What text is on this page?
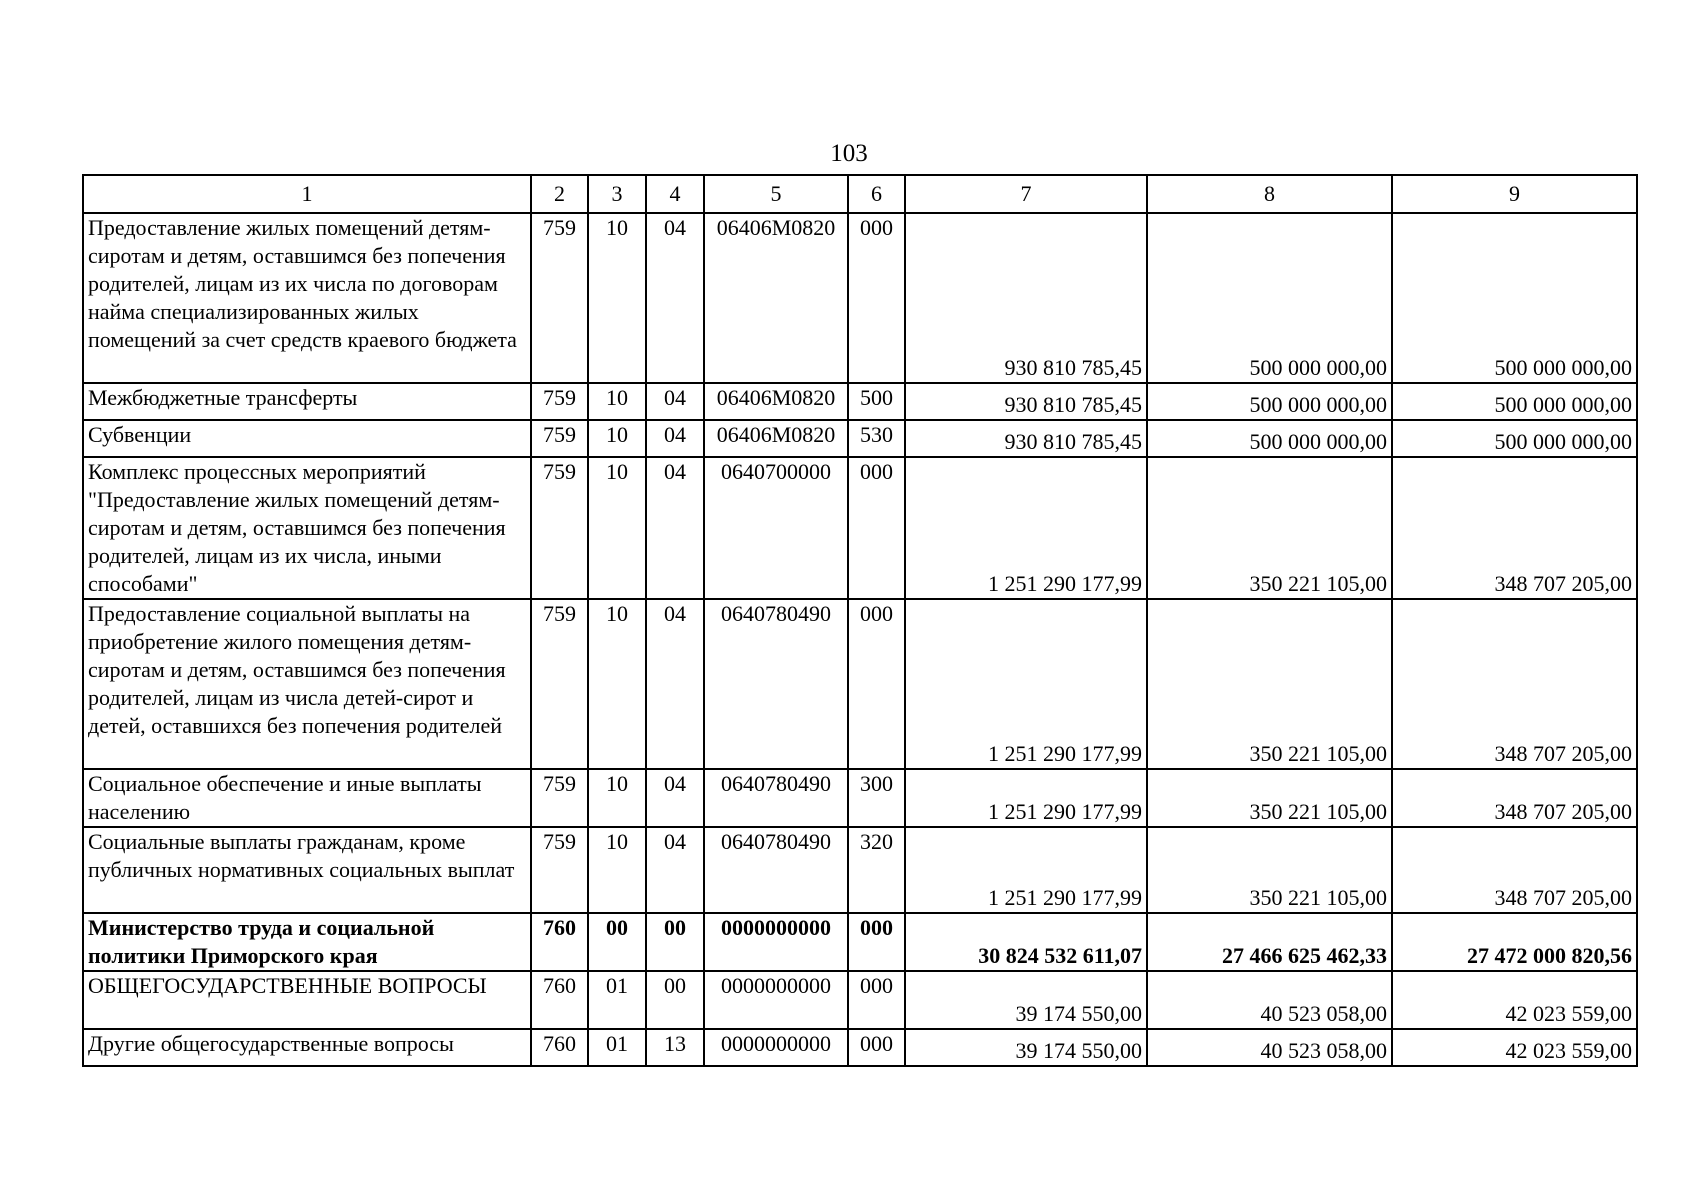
103
1	2	3	4	5	6	7	8	9
Предоставление жилых помещений детям-сиротам и детям, оставшимся без попечения родителей, лицам из их числа по договорам найма специализированных жилых помещений за счет средств краевого бюджета	759	10	04	06406М0820	000	930 810 785,45	500 000 000,00	500 000 000,00
Межбюджетные трансферты	759	10	04	06406М0820	500	930 810 785,45	500 000 000,00	500 000 000,00
Субвенции	759	10	04	06406М0820	530	930 810 785,45	500 000 000,00	500 000 000,00
Комплекс процессных мероприятий "Предоставление жилых помещений детям-сиротам и детям, оставшимся без попечения родителей, лицам из их числа, иными способами"	759	10	04	0640700000	000	1 251 290 177,99	350 221 105,00	348 707 205,00
Предоставление социальной выплаты на приобретение жилого помещения детям-сиротам и детям, оставшимся без попечения родителей, лицам из числа детей-сирот и детей, оставшихся без попечения родителей	759	10	04	0640780490	000	1 251 290 177,99	350 221 105,00	348 707 205,00
Социальное обеспечение и иные выплаты населению	759	10	04	0640780490	300	1 251 290 177,99	350 221 105,00	348 707 205,00
Социальные выплаты гражданам, кроме публичных нормативных социальных выплат	759	10	04	0640780490	320	1 251 290 177,99	350 221 105,00	348 707 205,00
Министерство труда и социальной политики Приморского края	760	00	00	0000000000	000	30 824 532 611,07	27 466 625 462,33	27 472 000 820,56
ОБЩЕГОСУДАРСТВЕННЫЕ ВОПРОСЫ	760	01	00	0000000000	000	39 174 550,00	40 523 058,00	42 023 559,00
Другие общегосударственные вопросы	760	01	13	0000000000	000	39 174 550,00	40 523 058,00	42 023 559,00
